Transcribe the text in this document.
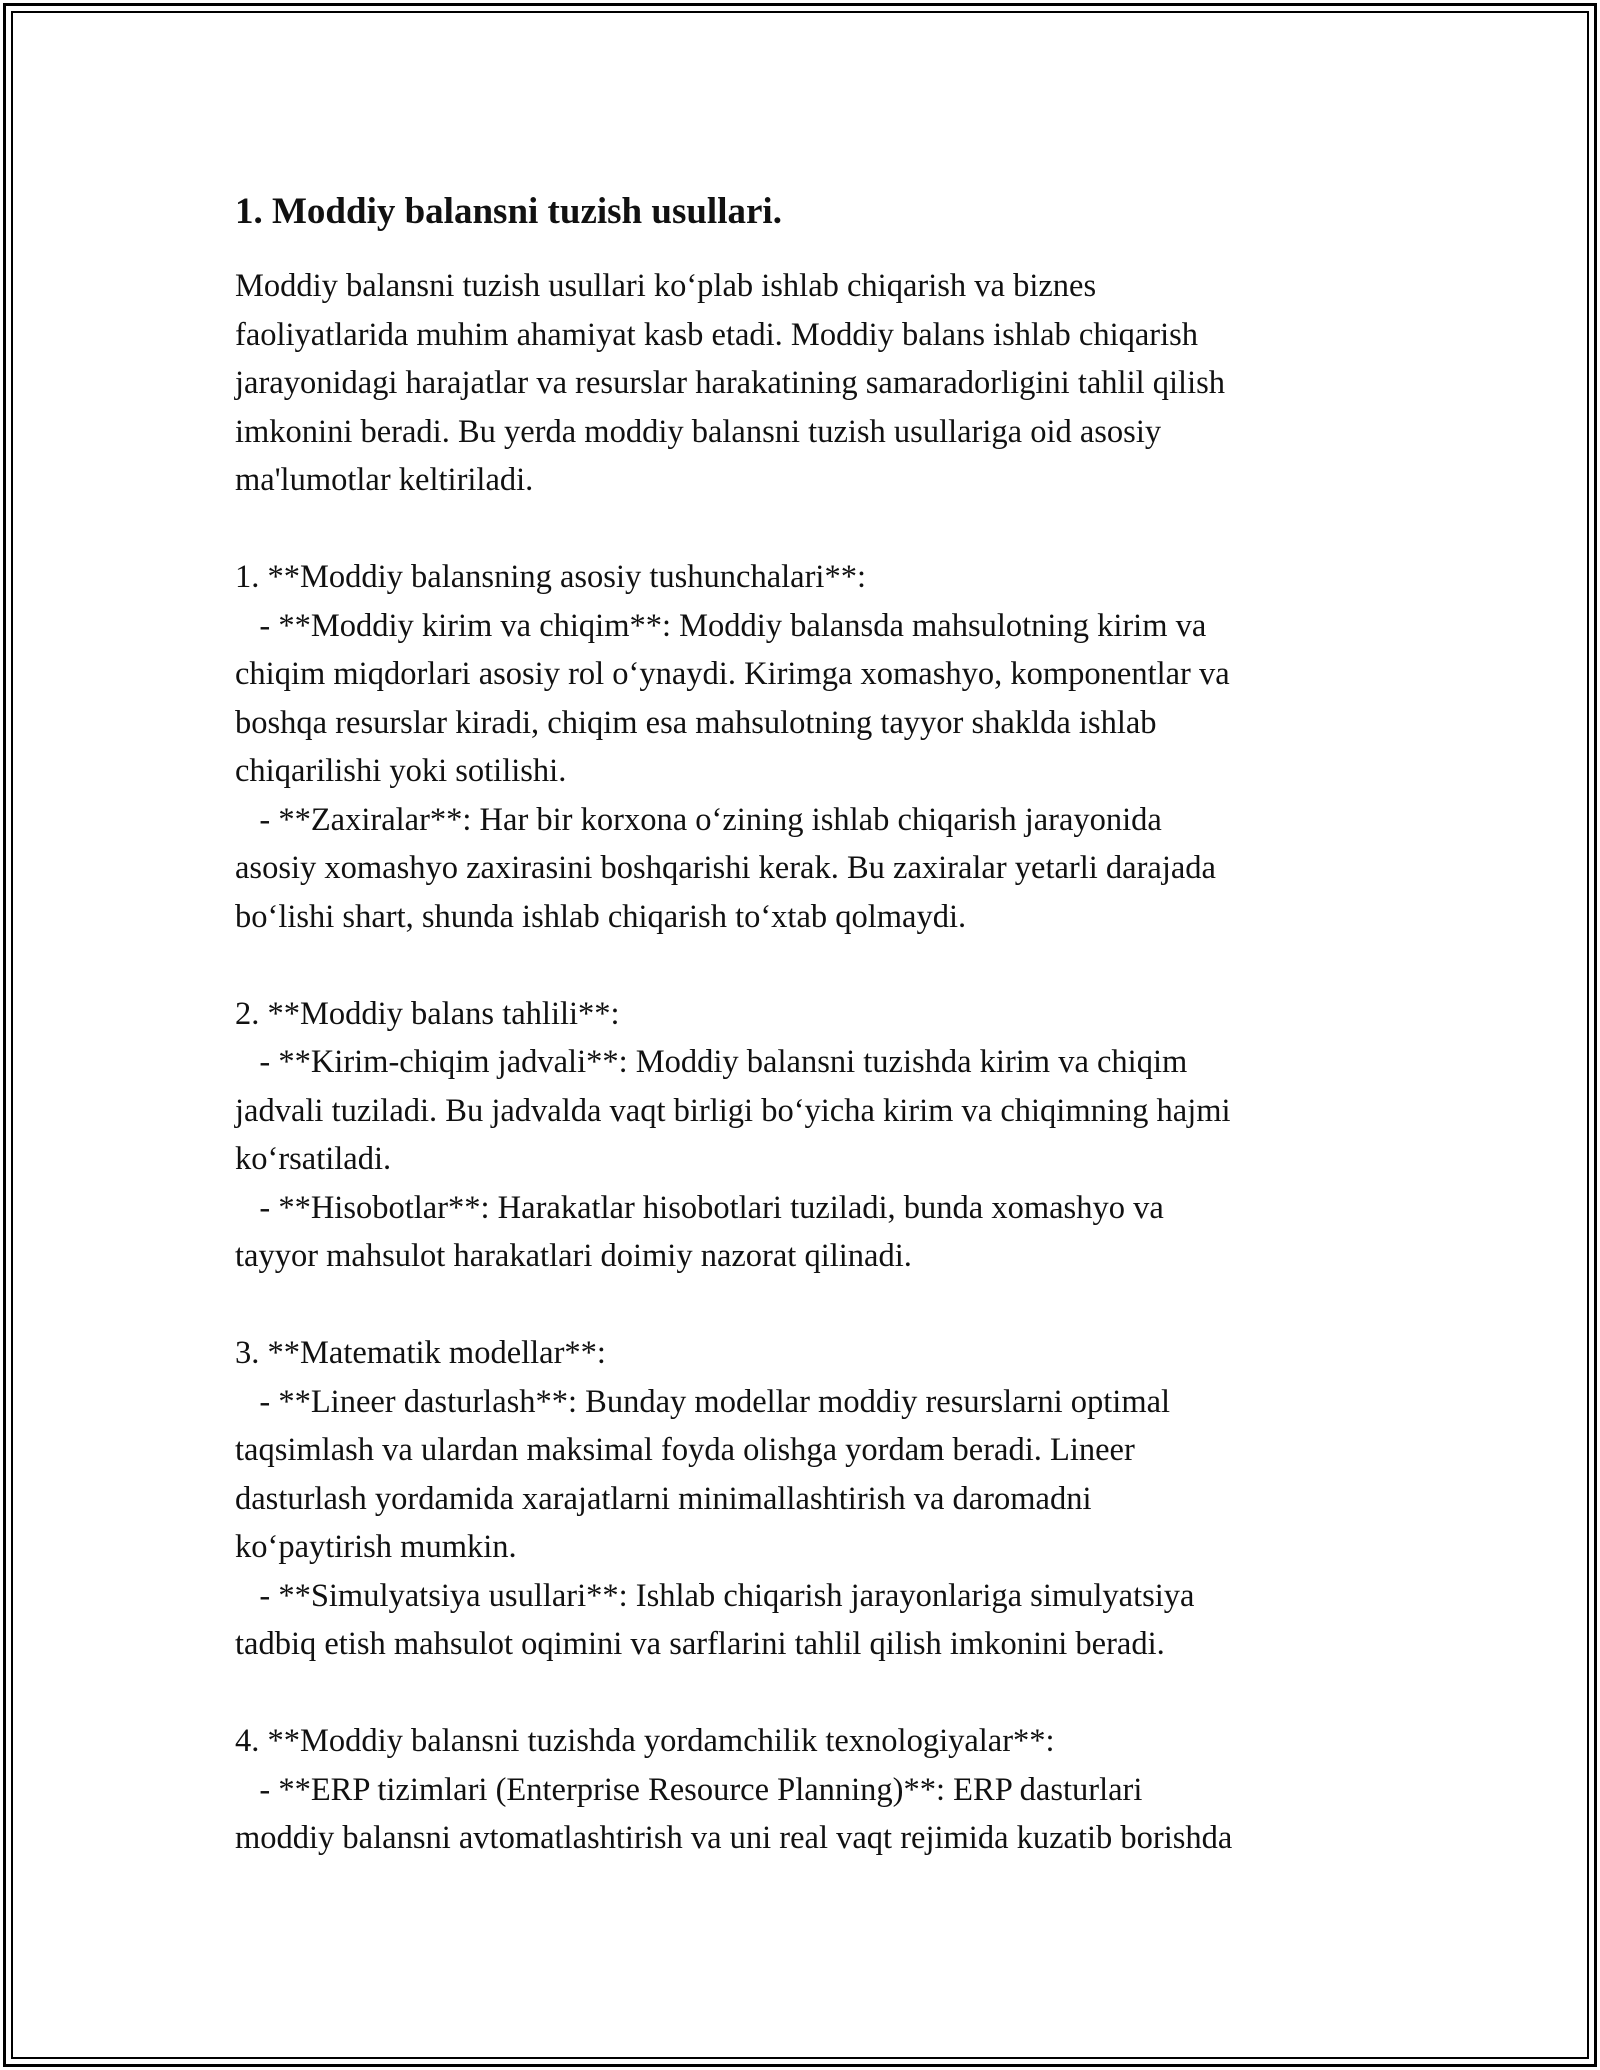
1. Moddiy balansni tuzish usullari.
Moddiy balansni tuzish usullari ko‘plab ishlab chiqarish va biznes
faoliyatlarida muhim ahamiyat kasb etadi. Moddiy balans ishlab chiqarish
jarayonidagi harajatlar va resurslar harakatining samaradorligini tahlil qilish
imkonini beradi. Bu yerda moddiy balansni tuzish usullariga oid asosiy
ma'lumotlar keltiriladi.
1. **Moddiy balansning asosiy tushunchalari**:
- **Moddiy kirim va chiqim**: Moddiy balansda mahsulotning kirim va
chiqim miqdorlari asosiy rol o‘ynaydi. Kirimga xomashyo, komponentlar va
boshqa resurslar kiradi, chiqim esa mahsulotning tayyor shaklda ishlab
chiqarilishi yoki sotilishi.
- **Zaxiralar**: Har bir korxona o‘zining ishlab chiqarish jarayonida
asosiy xomashyo zaxirasini boshqarishi kerak. Bu zaxiralar yetarli darajada
bo‘lishi shart, shunda ishlab chiqarish to‘xtab qolmaydi.
2. **Moddiy balans tahlili**:
- **Kirim-chiqim jadvali**: Moddiy balansni tuzishda kirim va chiqim
jadvali tuziladi. Bu jadvalda vaqt birligi bo‘yicha kirim va chiqimning hajmi
ko‘rsatiladi.
- **Hisobotlar**: Harakatlar hisobotlari tuziladi, bunda xomashyo va
tayyor mahsulot harakatlari doimiy nazorat qilinadi.
3. **Matematik modellar**:
- **Lineer dasturlash**: Bunday modellar moddiy resurslarni optimal
taqsimlash va ulardan maksimal foyda olishga yordam beradi. Lineer
dasturlash yordamida xarajatlarni minimallashtirish va daromadni
ko‘paytirish mumkin.
- **Simulyatsiya usullari**: Ishlab chiqarish jarayonlariga simulyatsiya
tadbiq etish mahsulot oqimini va sarflarini tahlil qilish imkonini beradi.
4. **Moddiy balansni tuzishda yordamchilik texnologiyalar**:
- **ERP tizimlari (Enterprise Resource Planning)**: ERP dasturlari
moddiy balansni avtomatlashtirish va uni real vaqt rejimida kuzatib borishda
